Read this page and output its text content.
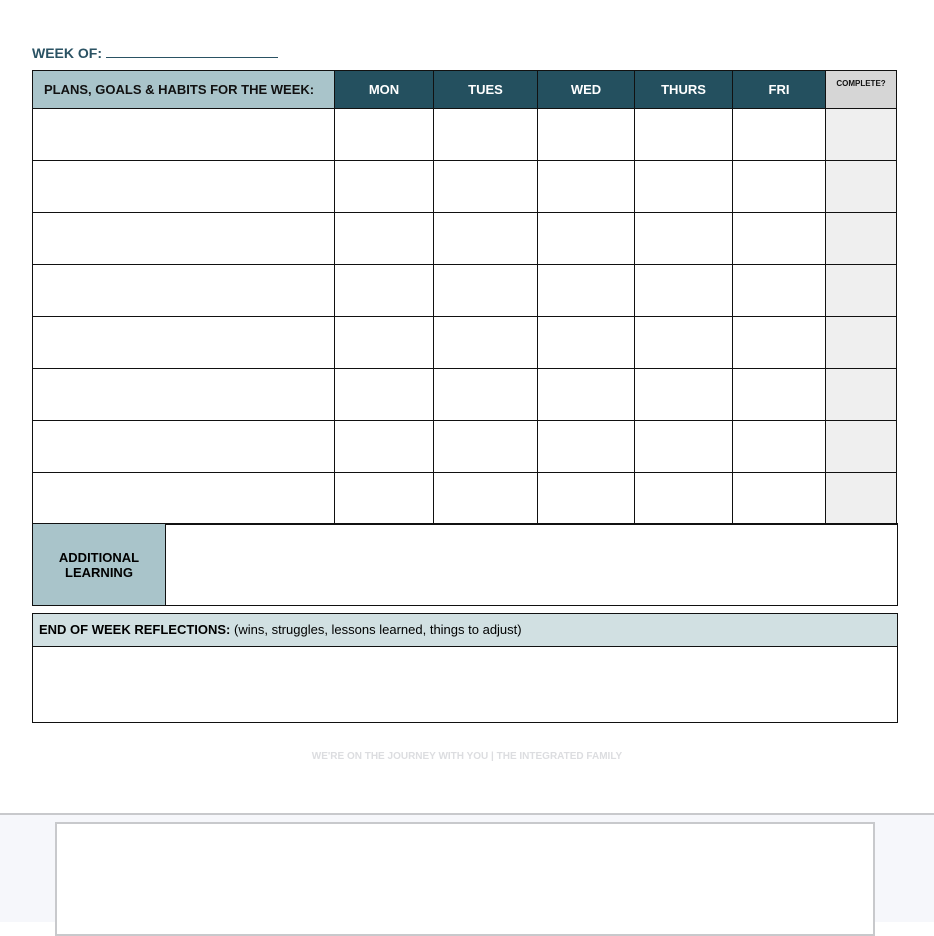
WEEK OF:
PLANS, GOALS & HABITS FOR THE WEEK:	MON	TUES	WED	THURS	FRI	COMPLETE?

ADDITIONAL
LEARNING
END OF WEEK REFLECTIONS: (wins, struggles, lessons learned, things to adjust)
WE'RE ON THE JOURNEY WITH YOU | THE INTEGRATED FAMILY
